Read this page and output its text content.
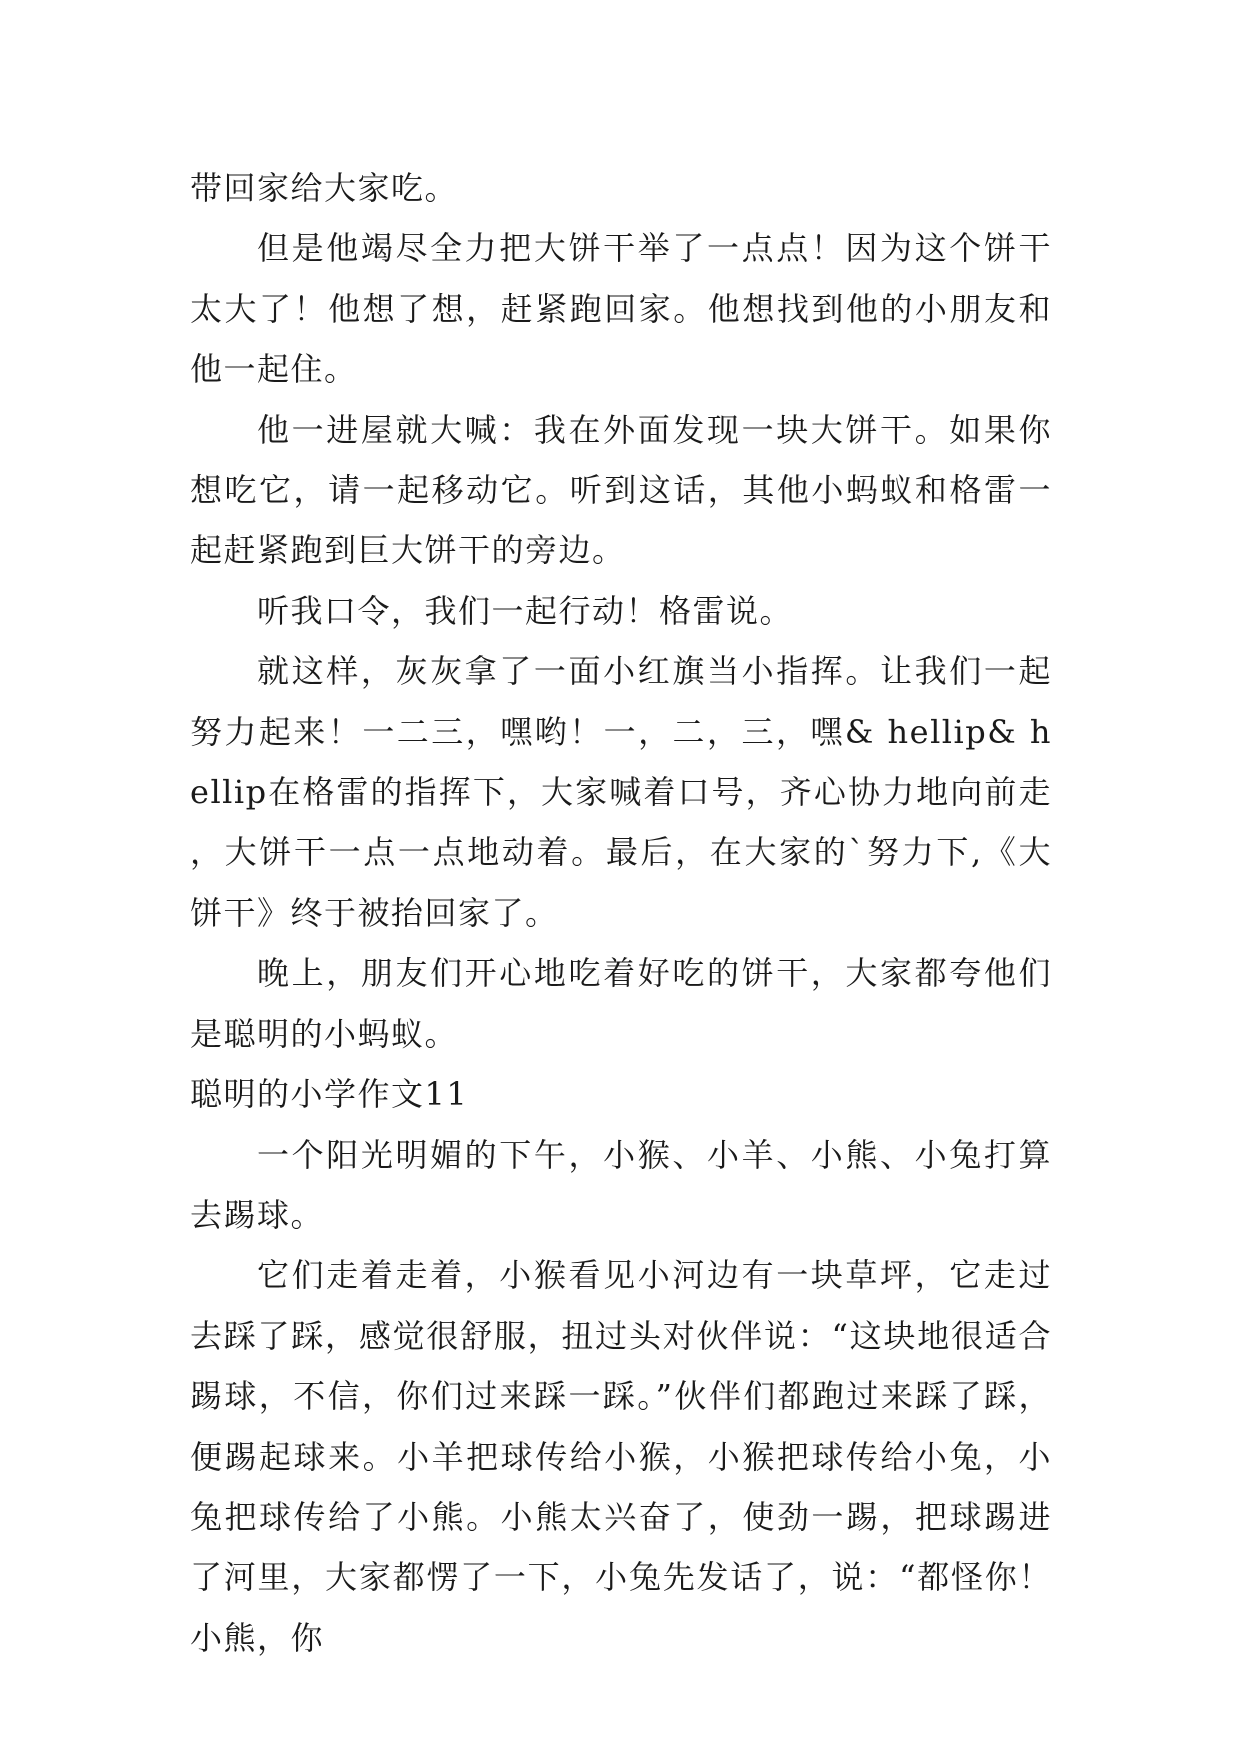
带回家给大家吃。

但是他竭尽全力把大饼干举了一点点！因为这个饼干太大了！他想了想，赶紧跑回家。他想找到他的小朋友和他一起住。

他一进屋就大喊：我在外面发现一块大饼干。如果你想吃它，请一起移动它。听到这话，其他小蚂蚁和格雷一起赶紧跑到巨大饼干的旁边。

听我口令，我们一起行动！格雷说。

就这样，灰灰拿了一面小红旗当小指挥。让我们一起努力起来！一二三，嘿哟！一，二，三，嘿& hellip& hellip在格雷的指挥下，大家喊着口号，齐心协力地向前走，大饼干一点一点地动着。最后，在大家的`努力下,《大饼干》终于被抬回家了。

晚上，朋友们开心地吃着好吃的饼干，大家都夸他们是聪明的小蚂蚁。

聪明的小学作文11

一个阳光明媚的下午，小猴、小羊、小熊、小兔打算去踢球。

它们走着走着，小猴看见小河边有一块草坪，它走过去踩了踩，感觉很舒服，扭过头对伙伴说：“这块地很适合踢球，不信，你们过来踩一踩。”伙伴们都跑过来踩了踩，便踢起球来。小羊把球传给小猴，小猴把球传给小兔，小兔把球传给了小熊。小熊太兴奋了，使劲一踢，把球踢进了河里，大家都愣了一下，小兔先发话了，说：“都怪你！小熊，你
